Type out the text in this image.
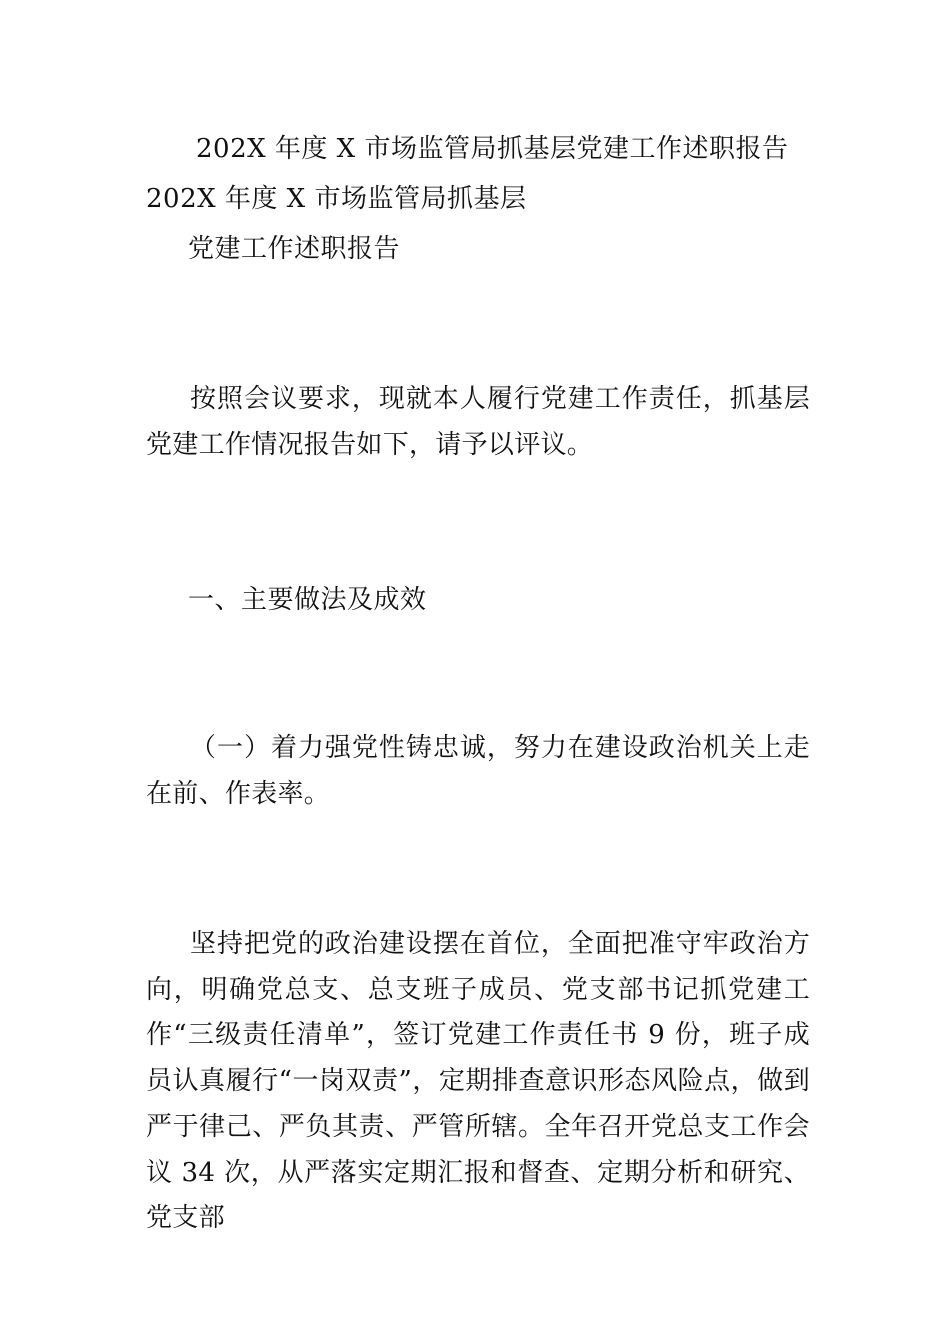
202X 年度 X 市场监管局抓基层党建工作述职报告
202X 年度 X 市场监管局抓基层
党建工作述职报告

按照会议要求，现就本人履行党建工作责任，抓基层党建工作情况报告如下，请予以评议。

一、主要做法及成效

（一）着力强党性铸忠诚，努力在建设政治机关上走在前、作表率。

坚持把党的政治建设摆在首位，全面把准守牢政治方向，明确党总支、总支班子成员、党支部书记抓党建工作“三级责任清单”，签订党建工作责任书 9 份，班子成员认真履行“一岗双责”，定期排查意识形态风险点，做到严于律己、严负其责、严管所辖。全年召开党总支工作会议 34 次，从严落实定期汇报和督查、定期分析和研究、党支部
